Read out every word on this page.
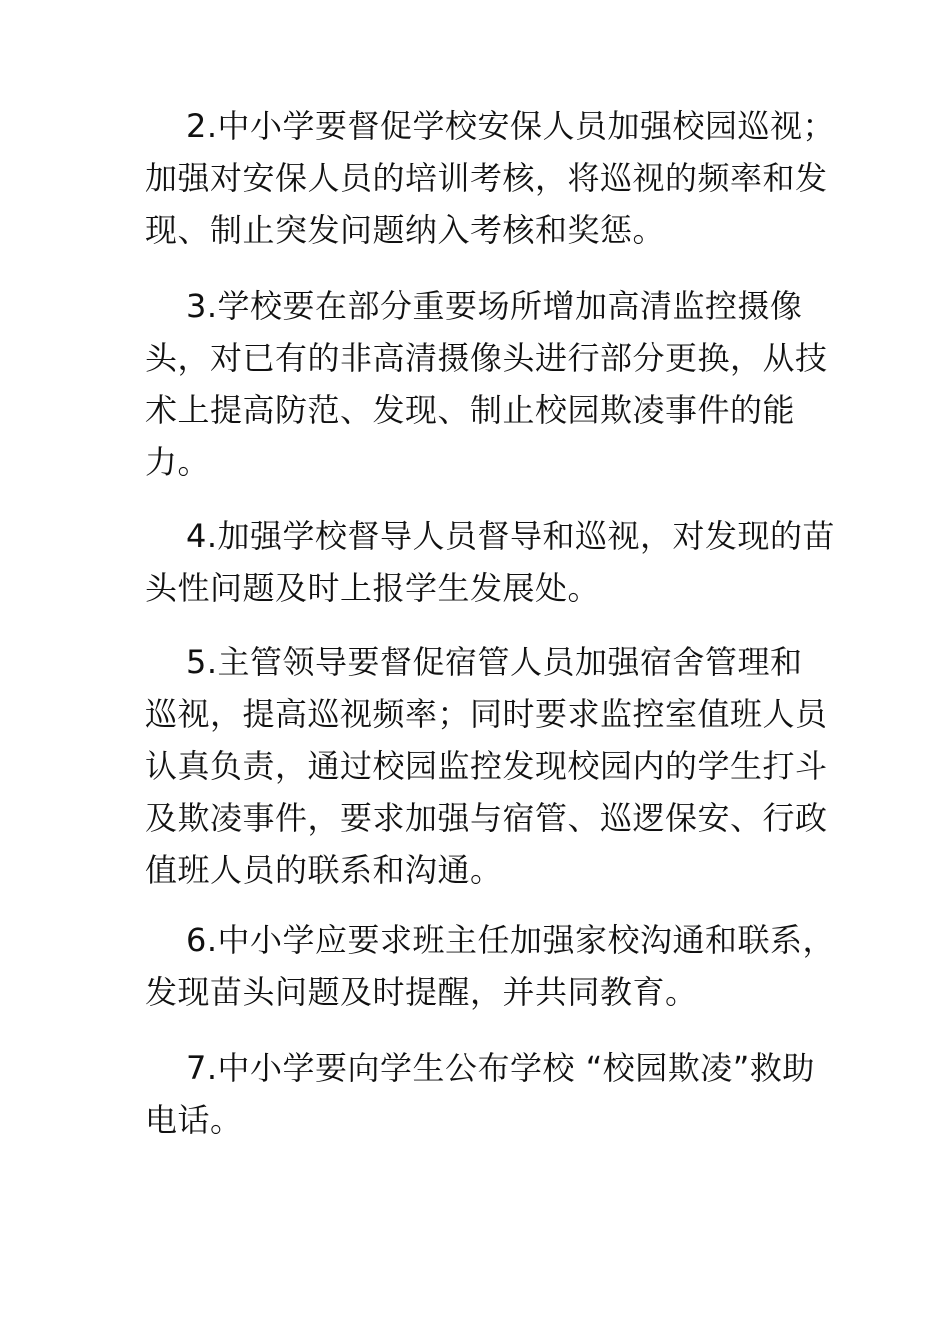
2.中小学要督促学校安保人员加强校园巡视；
加强对安保人员的培训考核，将巡视的频率和发
现、制止突发问题纳入考核和奖惩。
3.学校要在部分重要场所增加高清监控摄像
头，对已有的非高清摄像头进行部分更换，从技
术上提高防范、发现、制止校园欺凌事件的能
力。
4.加强学校督导人员督导和巡视，对发现的苗
头性问题及时上报学生发展处。
5.主管领导要督促宿管人员加强宿舍管理和
巡视，提高巡视频率；同时要求监控室值班人员
认真负责，通过校园监控发现校园内的学生打斗
及欺凌事件，要求加强与宿管、巡逻保安、行政
值班人员的联系和沟通。
6.中小学应要求班主任加强家校沟通和联系，
发现苗头问题及时提醒，并共同教育。
7.中小学要向学生公布学校 “校园欺凌”救助
电话。
